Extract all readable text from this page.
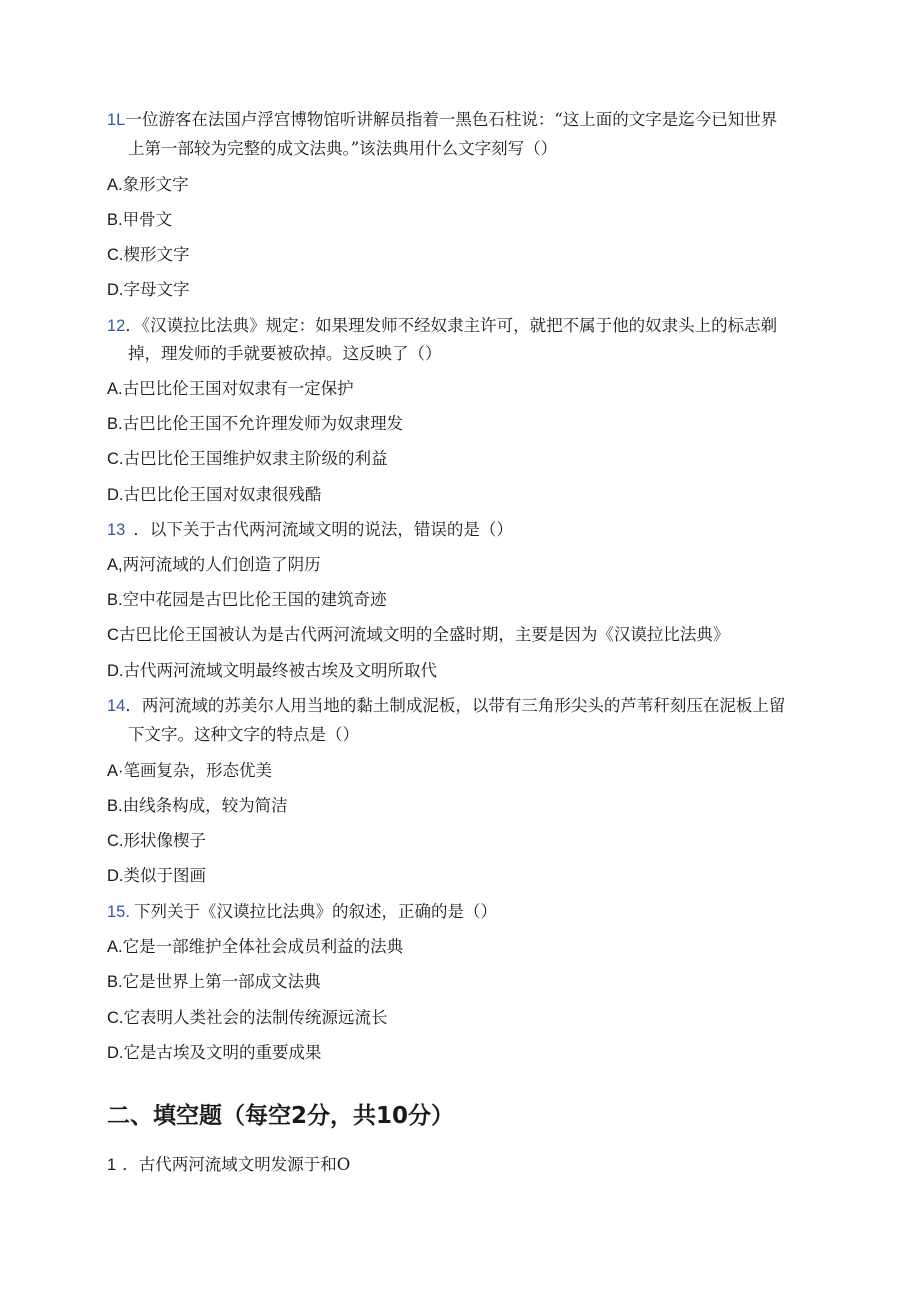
1L一位游客在法国卢浮宫博物馆听讲解员指着一黑色石柱说：“这上面的文字是迄今已知世界
上第一部较为完整的成文法典。”该法典用什么文字刻写（）
A.象形文字
B.甲骨文
C.楔形文字
D.字母文字
12．《汉谟拉比法典》规定：如果理发师不经奴隶主许可，就把不属于他的奴隶头上的标志剃
掉，理发师的手就要被砍掉。这反映了（）
A.古巴比伦王国对奴隶有一定保护
B.古巴比伦王国不允许理发师为奴隶理发
C.古巴比伦王国维护奴隶主阶级的利益
D.古巴比伦王国对奴隶很残酷
13 ．以下关于古代两河流域文明的说法，错误的是（）
A,两河流域的人们创造了阴历
B.空中花园是古巴比伦王国的建筑奇迹
C古巴比伦王国被认为是古代两河流域文明的全盛时期，主要是因为《汉谟拉比法典》
D.古代两河流域文明最终被古埃及文明所取代
14．两河流域的苏美尔人用当地的黏土制成泥板，以带有三角形尖头的芦苇秆刻压在泥板上留
下文字。这种文字的特点是（）
A·笔画复杂，形态优美
B.由线条构成，较为简洁
C.形状像楔子
D.类似于图画
15. 下列关于《汉谟拉比法典》的叙述，正确的是（）
A.它是一部维护全体社会成员利益的法典
B.它是世界上第一部成文法典
C.它表明人类社会的法制传统源远流长
D.它是古埃及文明的重要成果
二、填空题（每空2分，共10分）
1 ．古代两河流域文明发源于和O
